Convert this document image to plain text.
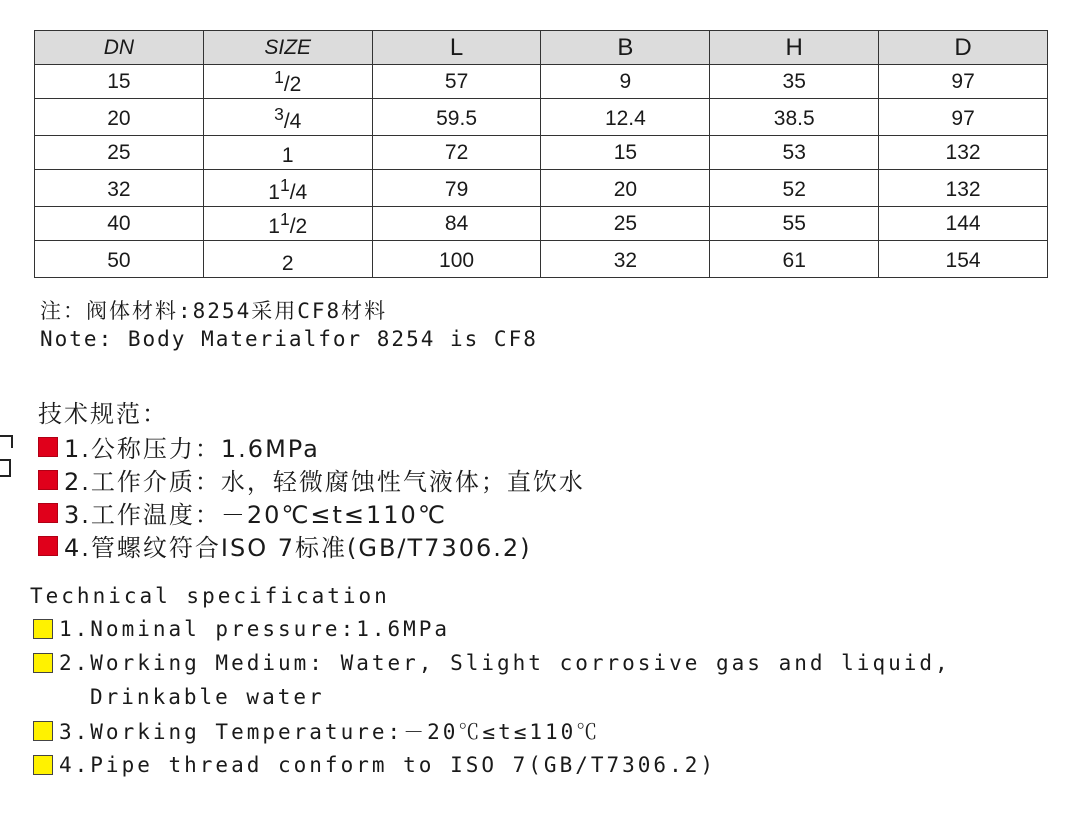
DN	SIZE	L	B	H	D
15	$^1$/2	57	9	35	97
20	$^3$/4	59.5	12.4	38.5	97
25	1	72	15	53	132
32	$1^1/4$	79	20	52	132
40	$1^1/2$	84	25	55	144
50	2	100	32	61	154
注：阀体材料:8254采用CF8材料
Note: Body Materialfor 8254 is CF8
技术规范：
1.公称压力：1.6MPa
2.工作介质：水，轻微腐蚀性气液体；直饮水
3.工作温度：－20℃≤t≤110℃
4.管螺纹符合ISO 7标准(GB/T7306.2)
Technical specification
1.Nominal pressure:1.6MPa
2.Working Medium: Water, Slight corrosive gas and liquid,
Drinkable water
3.Working Temperature:－20℃≤t≤110℃
4.Pipe thread conform to ISO 7(GB/T7306.2)
